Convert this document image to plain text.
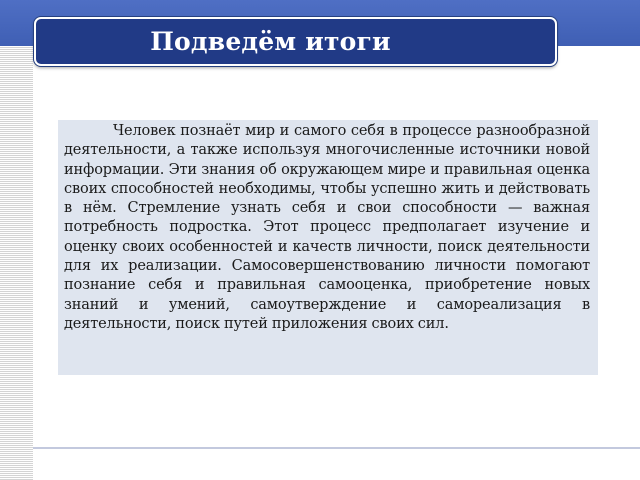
Подведём итоги

Человек познаёт мир и самого себя в процессе разнообразной деятельности, а также используя многочисленные источники новой информации. Эти знания об окружающем мире и правильная оценка своих способностей необходимы, чтобы успешно жить и действовать в нём. Стремление узнать себя и свои способности — важная потребность подростка. Этот процесс предполагает изучение и оценку своих особенностей и качеств личности, поиск деятельности для их реализации. Самосовершенствованию личности помогают познание себя и правильная самооценка, приобретение новых знаний и умений, самоутверждение и самореализация в деятельности, поиск путей приложения своих сил.
